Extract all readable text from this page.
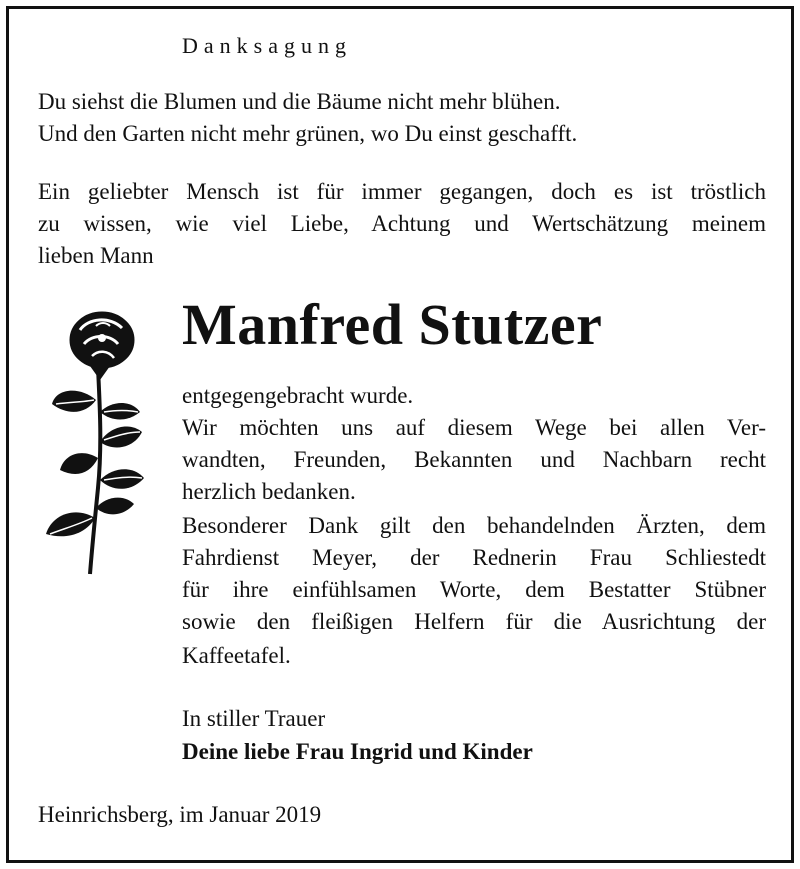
Danksagung
Du siehst die Blumen und die Bäume nicht mehr blühen.
Und den Garten nicht mehr grünen, wo Du einst geschafft.
Ein geliebter Mensch ist für immer gegangen, doch es ist tröstlich
zu wissen, wie viel Liebe, Achtung und Wertschätzung meinem
lieben Mann
Manfred Stutzer
entgegengebracht wurde.
Wir möchten uns auf diesem Wege bei allen Ver-
wandten, Freunden, Bekannten und Nachbarn recht
herzlich bedanken.
Besonderer Dank gilt den behandelnden Ärzten, dem
Fahrdienst Meyer, der Rednerin Frau Schliestedt
für ihre einfühlsamen Worte, dem Bestatter Stübner
sowie den fleißigen Helfern für die Ausrichtung der
Kaffeetafel.
In stiller Trauer
Deine liebe Frau Ingrid und Kinder
Heinrichsberg, im Januar 2019
